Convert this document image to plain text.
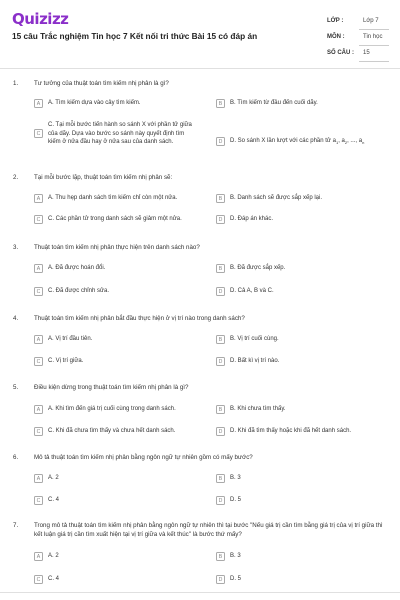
Quizizz
15 câu Trắc nghiệm Tin học 7 Kết nối tri thức Bài 15 có đáp án
LỚP :	Lớp 7
MÔN :	Tin học
SỐ CÂU : 15
1.	Tư tưởng của thuật toán tìm kiếm nhị phân là gì?
A	A. Tìm kiếm dựa vào cây tìm kiếm.	B	B. Tìm kiếm từ đầu đến cuối dãy.
C
C. Tại mỗi bước tiến hành so sánh X với phần tử giữa của dãy. Dựa vào bước so sánh này quyết định tìm kiếm ở nửa đầu hay ở nửa sau của danh sách.	D	D. So sánh X lần lượt với các phần tử $a_1$, $a_2$, ..., $a_n$
2.	Tại mỗi bước lặp, thuật toán tìm kiếm nhị phân sẽ:
A	A. Thu hẹp danh sách tìm kiếm chỉ còn một nửa.	B	B. Danh sách sẽ được sắp xếp lại.
C	C. Các phần tử trong danh sách sẽ giảm một nửa.	D	D. Đáp án khác.
3.	Thuật toán tìm kiếm nhị phân thực hiện trên danh sách nào?
A	A. Đã được hoán đổi.	B	B. Đã được sắp xếp.
C	C. Đã được chỉnh sửa.	D	D. Cả A, B và C.
4.	Thuật toán tìm kiếm nhị phân bắt đầu thực hiện ở vị trí nào trong danh sách?
A	A. Vị trí đầu tiên.	B	B. Vị trí cuối cùng.
C	C. Vị trí giữa.	D	D. Bất kì vị trí nào.
5.	Điều kiện dừng trong thuật toán tìm kiếm nhị phân là gì?
A	A. Khi tìm đến giá trị cuối cùng trong danh sách.	B	B. Khi chưa tìm thấy.
C	C. Khi đã chưa tìm thấy và chưa hết danh sách.	D	D. Khi đã tìm thấy hoặc khi đã hết danh sách.
6.	Mô tả thuật toán tìm kiếm nhị phân bằng ngôn ngữ tự nhiên gồm có mấy bước?
A	A. 2	B	B. 3
C	C. 4	D	D. 5
7.	Trong mô tả thuật toán tìm kiếm nhị phân bằng ngôn ngữ tự nhiên thì tại bước "Nếu giá trị cần tìm bằng giá trị của vị trí giữa thì kết luận giá trị cần tìm xuất hiện tại vị trí giữa và kết thúc" là bước thứ mấy?
A	A. 2	B	B. 3
C	C. 4	D	D. 5
